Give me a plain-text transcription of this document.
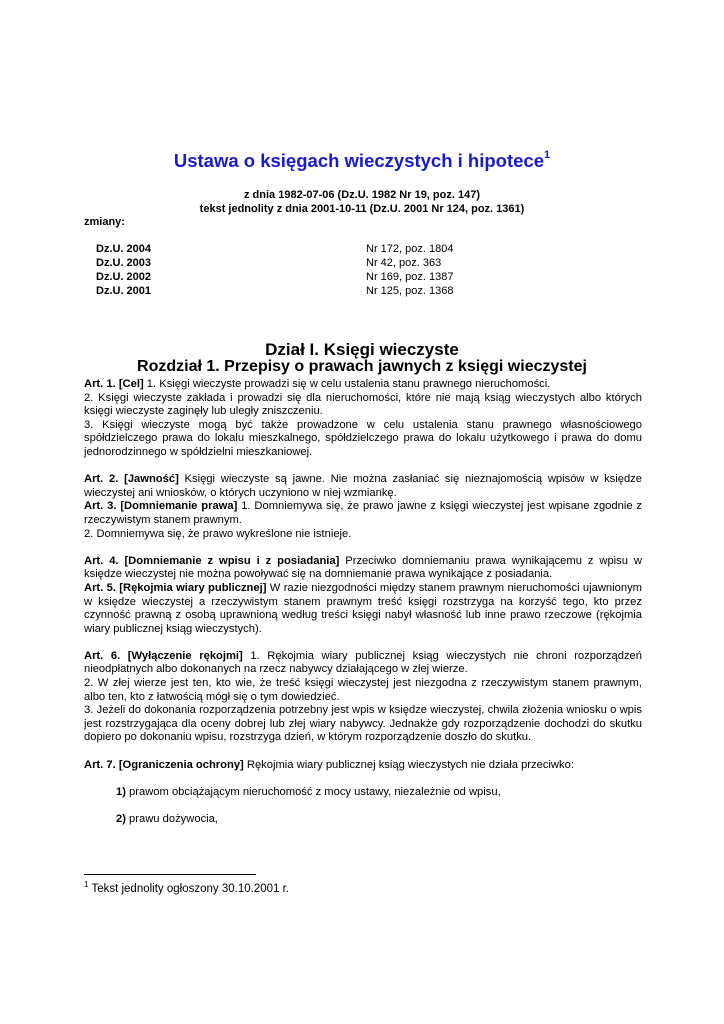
Ustawa o księgach wieczystych i hipotece$^1$
z dnia 1982-07-06 (Dz.U. 1982 Nr 19, poz. 147)
tekst jednolity z dnia 2001-10-11 (Dz.U. 2001 Nr 124, poz. 1361)
zmiany:
Dz.U. 2004	Nr 172, poz. 1804
Dz.U. 2003	Nr 42, poz. 363
Dz.U. 2002	Nr 169, poz. 1387
Dz.U. 2001	Nr 125, poz. 1368
Dział I. Księgi wieczyste
Rozdział 1. Przepisy o prawach jawnych z księgi wieczystej

Art. 1. [Cel] 1. Księgi wieczyste prowadzi się w celu ustalenia stanu prawnego nieruchomości.

2. Księgi wieczyste zakłada i prowadzi się dla nieruchomości, które nie mają ksiąg wieczystych albo których księgi wieczyste zaginęły lub uległy zniszczeniu.

3. Księgi wieczyste mogą być także prowadzone w celu ustalenia stanu prawnego własnościowego spółdzielczego prawa do lokalu mieszkalnego, spółdzielczego prawa do lokalu użytkowego i prawa do domu jednorodzinnego w spółdzielni mieszkaniowej.

Art. 2. [Jawność] Księgi wieczyste są jawne. Nie można zasłaniać się nieznajomością wpisów w księdze wieczystej ani wniosków, o których uczyniono w niej wzmiankę.

Art. 3. [Domniemanie prawa] 1. Domniemywa się, że prawo jawne z księgi wieczystej jest wpisane zgodnie z rzeczywistym stanem prawnym.

2. Domniemywa się, że prawo wykreślone nie istnieje.

Art. 4. [Domniemanie z wpisu i z posiadania] Przeciwko domniemaniu prawa wynikającemu z wpisu w księdze wieczystej nie można powoływać się na domniemanie prawa wynikające z posiadania.

Art. 5. [Rękojmia wiary publicznej] W razie niezgodności między stanem prawnym nieruchomości ujawnionym w księdze wieczystej a rzeczywistym stanem prawnym treść księgi rozstrzyga na korzyść tego, kto przez czynność prawną z osobą uprawnioną według treści księgi nabył własność lub inne prawo rzeczowe (rękojmia wiary publicznej ksiąg wieczystych).

Art. 6. [Wyłączenie rękojmi] 1. Rękojmia wiary publicznej ksiąg wieczystych nie chroni rozporządzeń nieodpłatnych albo dokonanych na rzecz nabywcy działającego w złej wierze.

2. W złej wierze jest ten, kto wie, że treść księgi wieczystej jest niezgodna z rzeczywistym stanem prawnym, albo ten, kto z łatwością mógł się o tym dowiedzieć.

3. Jeżeli do dokonania rozporządzenia potrzebny jest wpis w księdze wieczystej, chwila złożenia wniosku o wpis jest rozstrzygająca dla oceny dobrej lub złej wiary nabywcy. Jednakże gdy rozporządzenie dochodzi do skutku dopiero po dokonaniu wpisu, rozstrzyga dzień, w którym rozporządzenie doszło do skutku.

Art. 7. [Ograniczenia ochrony] Rękojmia wiary publicznej ksiąg wieczystych nie działa przeciwko:

1) prawom obciążającym nieruchomość z mocy ustawy, niezależnie od wpisu,

2) prawu dożywocia,

$^1$ Tekst jednolity ogłoszony 30.10.2001 r.
